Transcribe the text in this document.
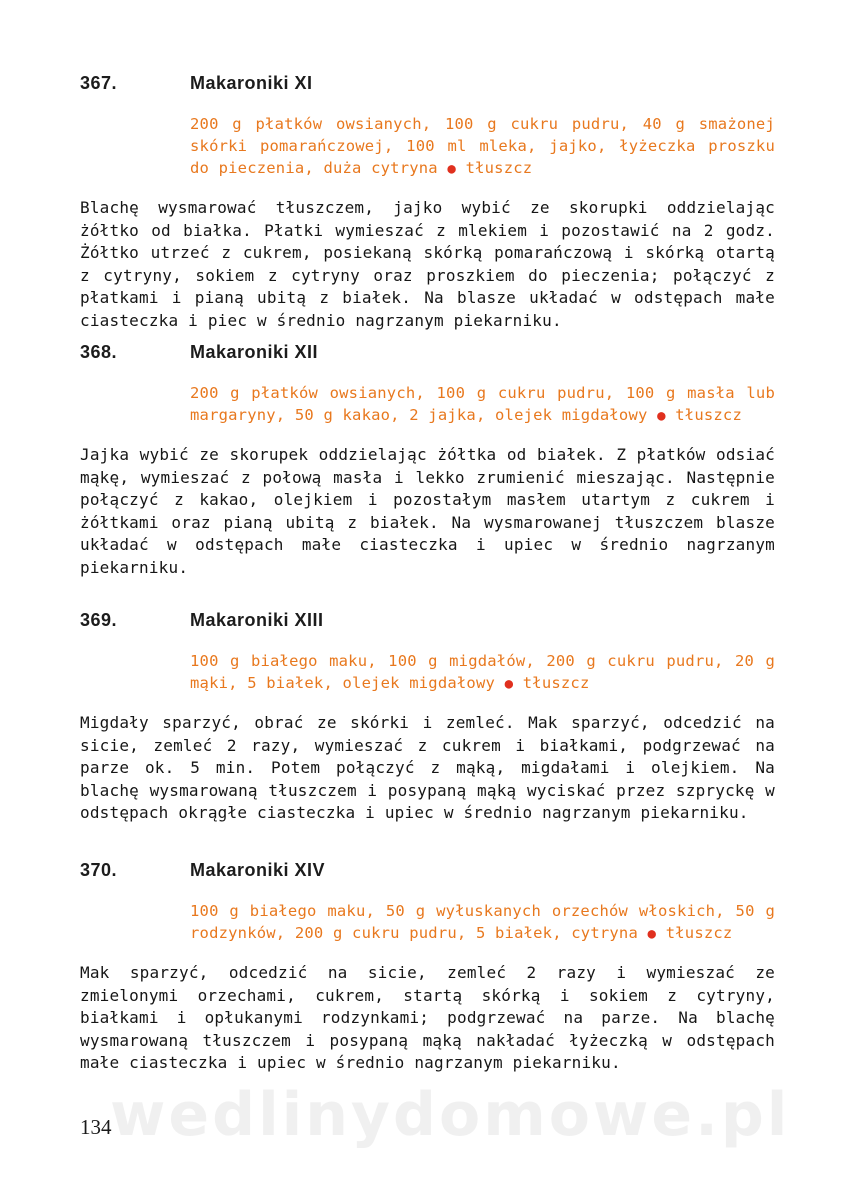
367.	Makaroniki XI
200 g płatków owsianych, 100 g cukru pudru, 40 g smażonej skórki pomarańczowej, 100 ml mleka, jajko, łyżeczka proszku do pieczenia, duża cytryna ● tłuszcz

Blachę wysmarować tłuszczem, jajko wybić ze skorupki oddzielając żółtko od białka. Płatki wymieszać z mlekiem i pozostawić na 2 godz. Żółtko utrzeć z cukrem, posiekaną skórką pomarańczową i skórką otartą z cytryny, sokiem z cytryny oraz proszkiem do pieczenia; połączyć z płatkami i pianą ubitą z białek. Na blasze układać w odstępach małe ciasteczka i piec w średnio nagrzanym piekarniku.

368.	Makaroniki XII
200 g płatków owsianych, 100 g cukru pudru, 100 g masła lub margaryny, 50 g kakao, 2 jajka, olejek migdałowy ● tłuszcz

Jajka wybić ze skorupek oddzielając żółtka od białek. Z płatków odsiać mąkę, wymieszać z połową masła i lekko zrumienić mieszając. Następnie połączyć z kakao, olejkiem i pozostałym masłem utartym z cukrem i żółtkami oraz pianą ubitą z białek. Na wysmarowanej tłuszczem blasze układać w odstępach małe ciasteczka i upiec w średnio nagrzanym piekarniku.

369.	Makaroniki XIII
100 g białego maku, 100 g migdałów, 200 g cukru pudru, 20 g mąki, 5 białek, olejek migdałowy ● tłuszcz

Migdały sparzyć, obrać ze skórki i zemleć. Mak sparzyć, odcedzić na sicie, zemleć 2 razy, wymieszać z cukrem i białkami, podgrzewać na parze ok. 5 min. Potem połączyć z mąką, migdałami i olejkiem. Na blachę wysmarowaną tłuszczem i posypaną mąką wyciskać przez szpryckę w odstępach okrągłe ciasteczka i upiec w średnio nagrzanym piekarniku.

370.	Makaroniki XIV
100 g białego maku, 50 g wyłuskanych orzechów włoskich, 50 g rodzynków, 200 g cukru pudru, 5 białek, cytryna ● tłuszcz

Mak sparzyć, odcedzić na sicie, zemleć 2 razy i wymieszać ze zmielonymi orzechami, cukrem, startą skórką i sokiem z cytryny, białkami i opłukanymi rodzynkami; podgrzewać na parze. Na blachę wysmarowaną tłuszczem i posypaną mąką nakładać łyżeczką w odstępach małe ciasteczka i upiec w średnio nagrzanym piekarniku.

wedlinydomowe.pl
134
